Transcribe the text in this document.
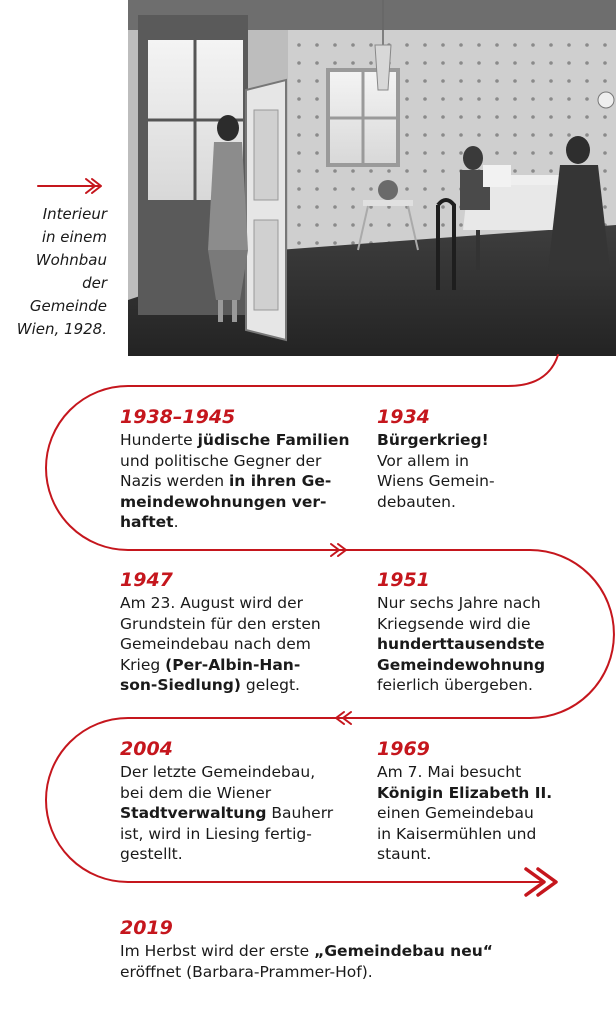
Interieur
in einem
Wohnbau
der
Gemeinde
Wien, 1928.
1938–1945
Hunderte jüdische Familien
und politische Gegner der
Nazis werden in ihren Ge-
meindewohnungen ver-
haftet.
1934
Bürgerkrieg!
Vor allem in
Wiens Gemein-
debauten.
1947
Am 23. August wird der
Grundstein für den ersten
Gemeindebau nach dem
Krieg (Per-Albin-Han-
son-Siedlung) gelegt.
1951
Nur sechs Jahre nach
Kriegsende wird die
hunderttausendste
Gemeindewohnung
feierlich übergeben.
2004
Der letzte Gemeindebau,
bei dem die Wiener
Stadtverwaltung Bauherr
ist, wird in Liesing fertig-
gestellt.
1969
Am 7. Mai besucht
Königin Elizabeth II.
einen Gemeindebau
in Kaisermühlen und
staunt.
2019
Im Herbst wird der erste „Gemeindebau neu“
eröffnet (Barbara-Prammer-Hof).
